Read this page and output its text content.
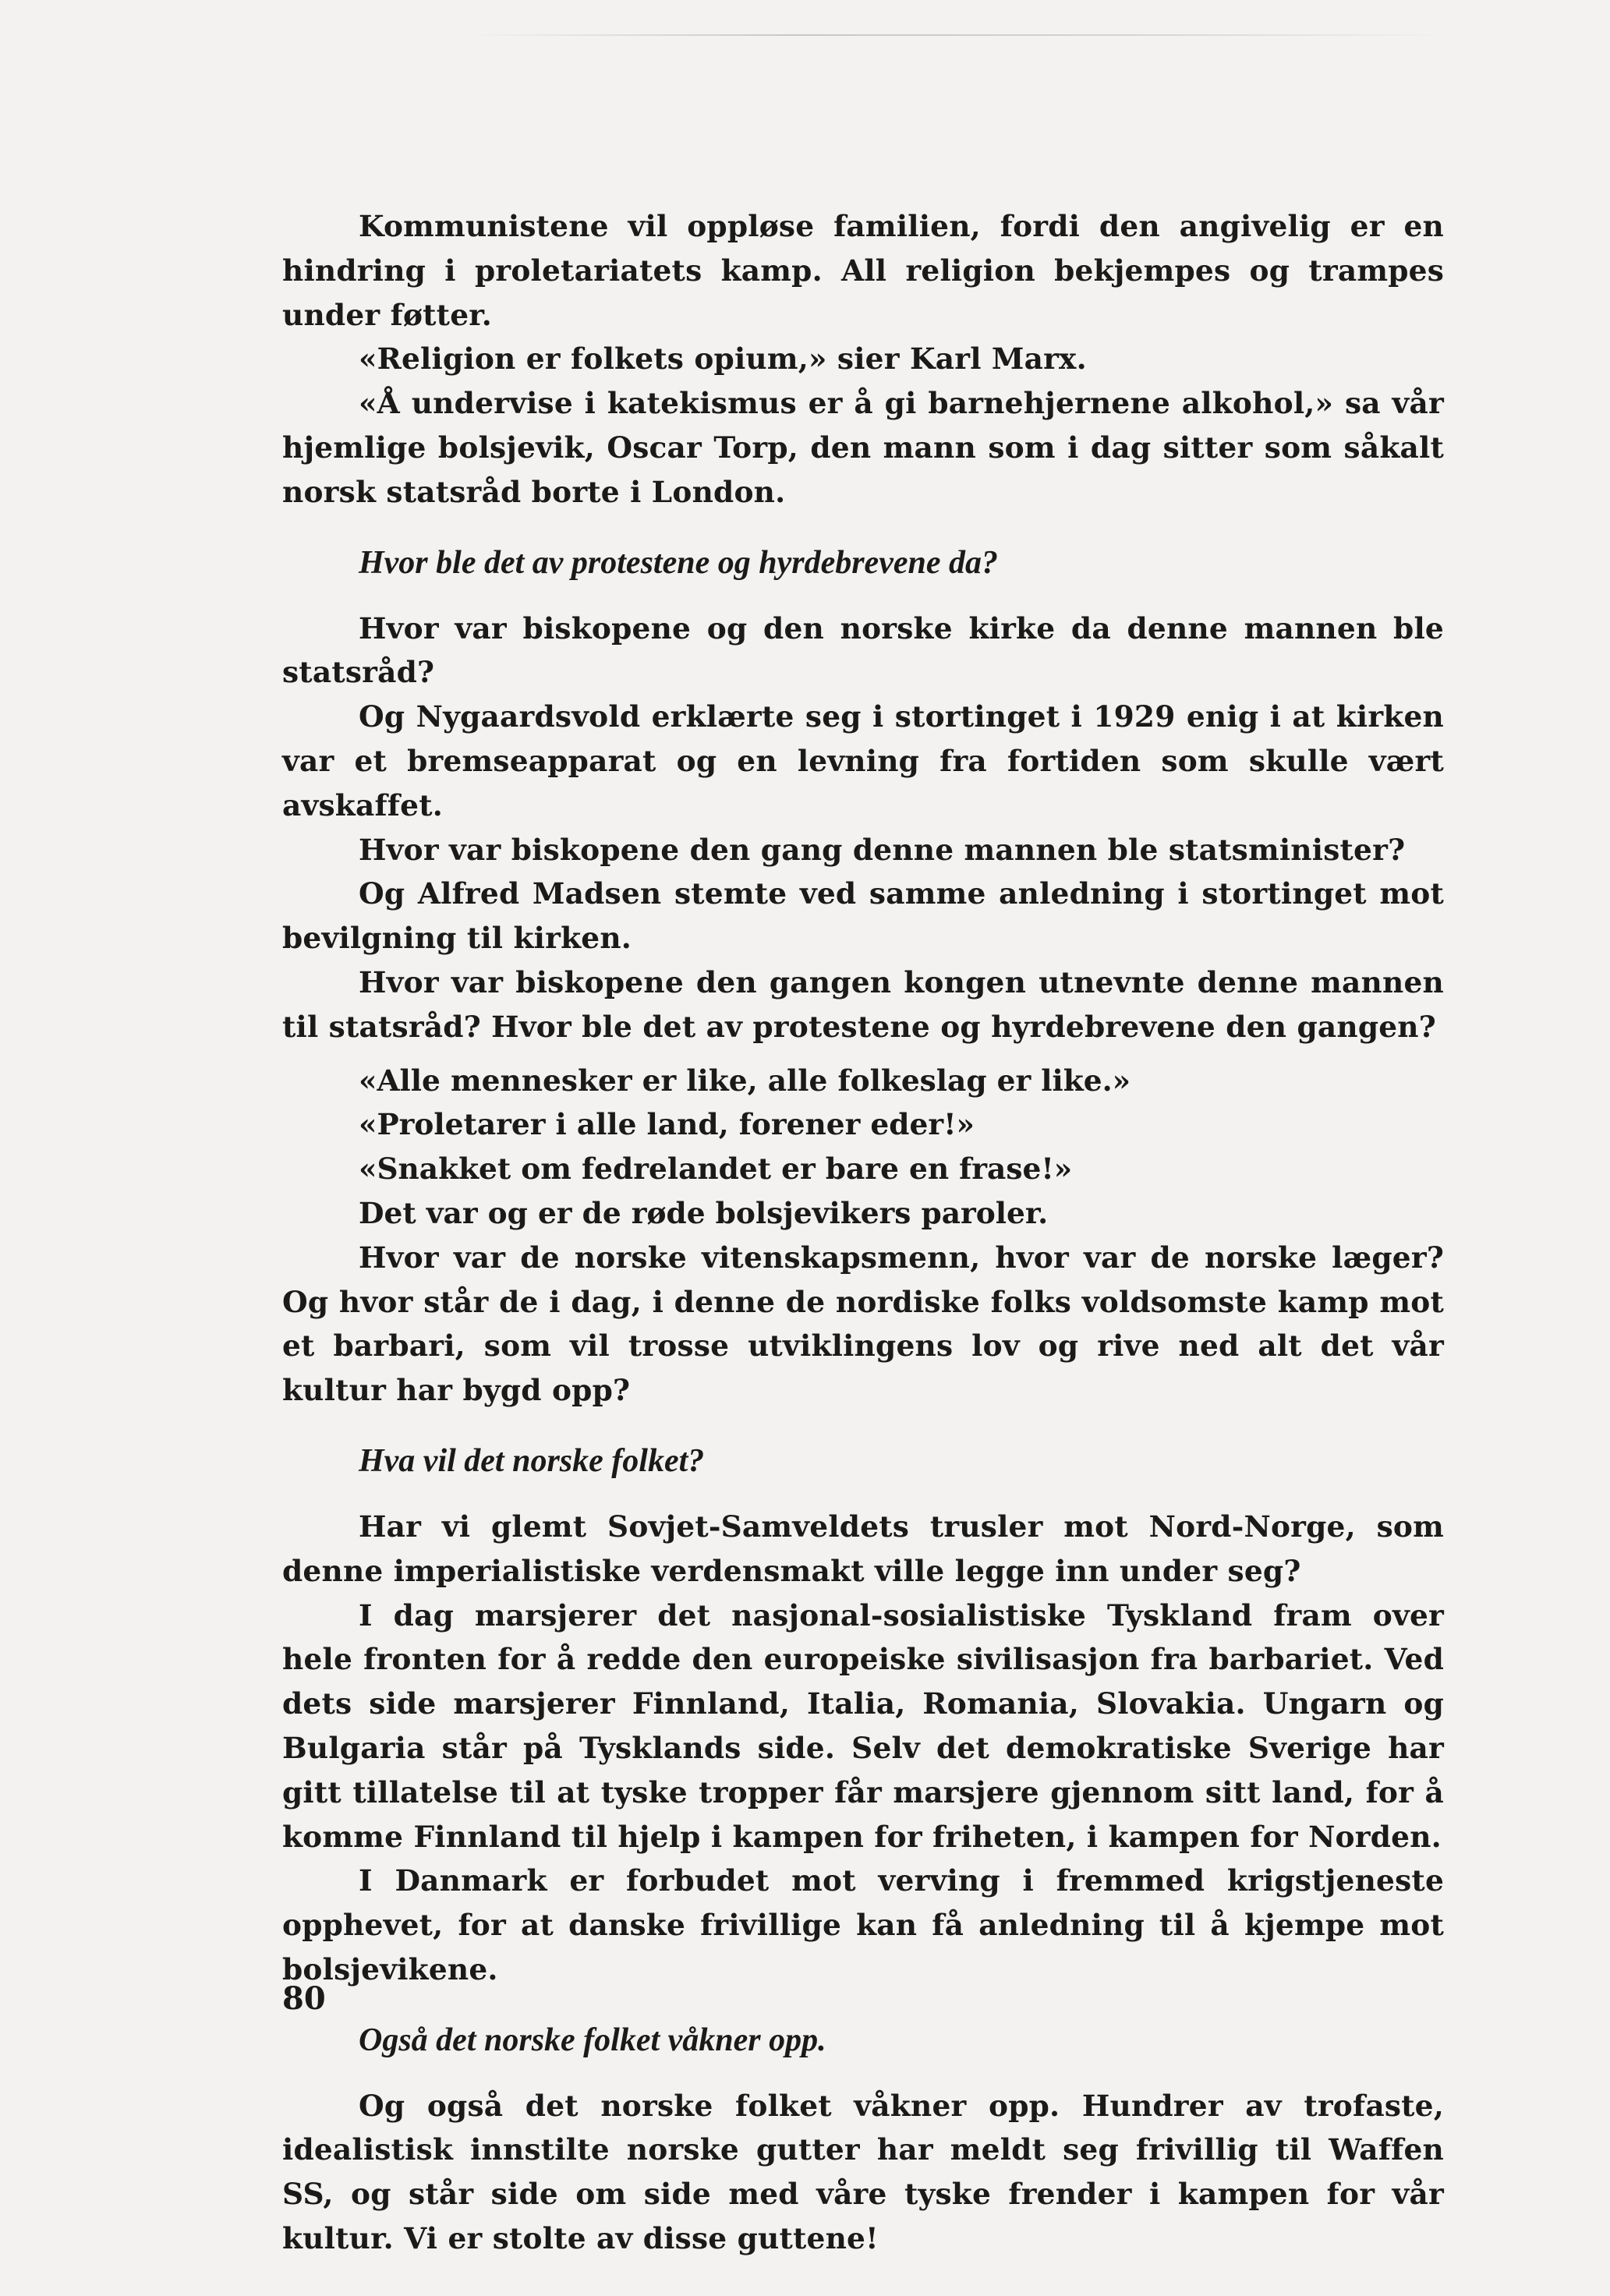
Kommunistene vil oppløse familien, fordi den angivelig er en hindring i proletariatets kamp. All religion bekjempes og trampes under føtter.

«Religion er folkets opium,» sier Karl Marx.

«Å undervise i katekismus er å gi barnehjernene alkohol,» sa vår hjemlige bolsjevik, Oscar Torp, den mann som i dag sitter som såkalt norsk statsråd borte i London.

Hvor ble det av protestene og hyrdebrevene da?

Hvor var biskopene og den norske kirke da denne mannen ble statsråd?

Og Nygaardsvold erklærte seg i stortinget i 1929 enig i at kirken var et bremseapparat og en levning fra fortiden som skulle vært avskaffet.

Hvor var biskopene den gang denne mannen ble statsminister?

Og Alfred Madsen stemte ved samme anledning i stortinget mot bevilgning til kirken.

Hvor var biskopene den gangen kongen utnevnte denne mannen til statsråd? Hvor ble det av protestene og hyrdebrevene den gangen?

«Alle mennesker er like, alle folkeslag er like.»

«Proletarer i alle land, forener eder!»

«Snakket om fedrelandet er bare en frase!»

Det var og er de røde bolsjevikers paroler.

Hvor var de norske vitenskapsmenn, hvor var de norske læger? Og hvor står de i dag, i denne de nordiske folks voldsomste kamp mot et barbari, som vil trosse utviklingens lov og rive ned alt det vår kultur har bygd opp?

Hva vil det norske folket?

Har vi glemt Sovjet-Samveldets trusler mot Nord-Norge, som denne imperialistiske verdensmakt ville legge inn under seg?

I dag marsjerer det nasjonal-sosialistiske Tyskland fram over hele fronten for å redde den europeiske sivilisasjon fra barbariet. Ved dets side marsjerer Finnland, Italia, Romania, Slovakia. Ungarn og Bulgaria står på Tysklands side. Selv det demokratiske Sverige har gitt tillatelse til at tyske tropper får marsjere gjennom sitt land, for å komme Finnland til hjelp i kampen for friheten, i kampen for Norden.

I Danmark er forbudet mot verving i fremmed krigstjeneste opphevet, for at danske frivillige kan få anledning til å kjempe mot bolsjevikene.

Også det norske folket våkner opp.

Og også det norske folket våkner opp. Hundrer av trofaste, idealistisk innstilte norske gutter har meldt seg frivillig til Waffen SS, og står side om side med våre tyske frender i kampen for vår kultur. Vi er stolte av disse guttene!

80
